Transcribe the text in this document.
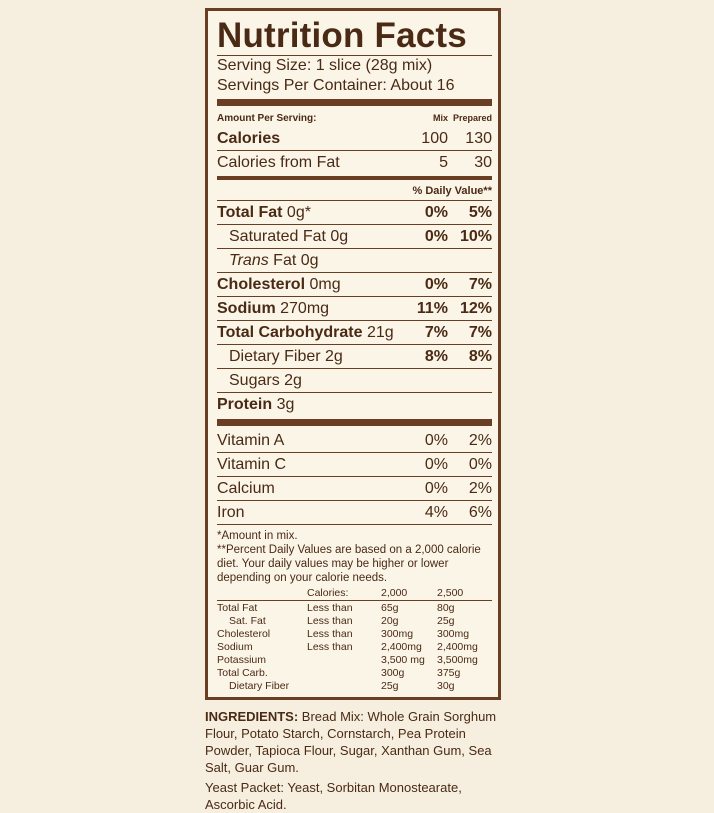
Nutrition Facts
Serving Size: 1 slice (28g mix)
Servings Per Container: About 16
Amount Per Serving:	Mix Prepared
Calories	100	130
Calories from Fat	5	30
% Daily Value**
Total Fat 0g*	0%	5%
Saturated Fat 0g	0% 10%
Trans Fat 0g
Cholesterol 0mg	0%	7%
Sodium 270mg	11% 12%
Total Carbohydrate 21g	7%	7%
Dietary Fiber 2g	8%	8%
Sugars 2g
Protein 3g
Vitamin A	0%	2%
Vitamin C	0%	0%
Calcium	0%	2%
Iron	4%	6%
*Amount in mix.
**Percent Daily Values are based on a 2,000 calorie diet. Your daily values may be higher or lower depending on your calorie needs.
	Calories:	2,000	2,500
Total Fat	Less than	65g	80g
Sat. Fat	Less than	20g	25g
Cholesterol	Less than	300mg	300mg
Sodium	Less than	2,400mg	2,400mg
Potassium		3,500 mg	3,500mg
Total Carb.		300g	375g
Dietary Fiber		25g	30g
INGREDIENTS: Bread Mix: Whole Grain Sorghum Flour, Potato Starch, Cornstarch, Pea Protein Powder, Tapioca Flour, Sugar, Xanthan Gum, Sea Salt, Guar Gum.
Yeast Packet: Yeast, Sorbitan Monostearate, Ascorbic Acid.
